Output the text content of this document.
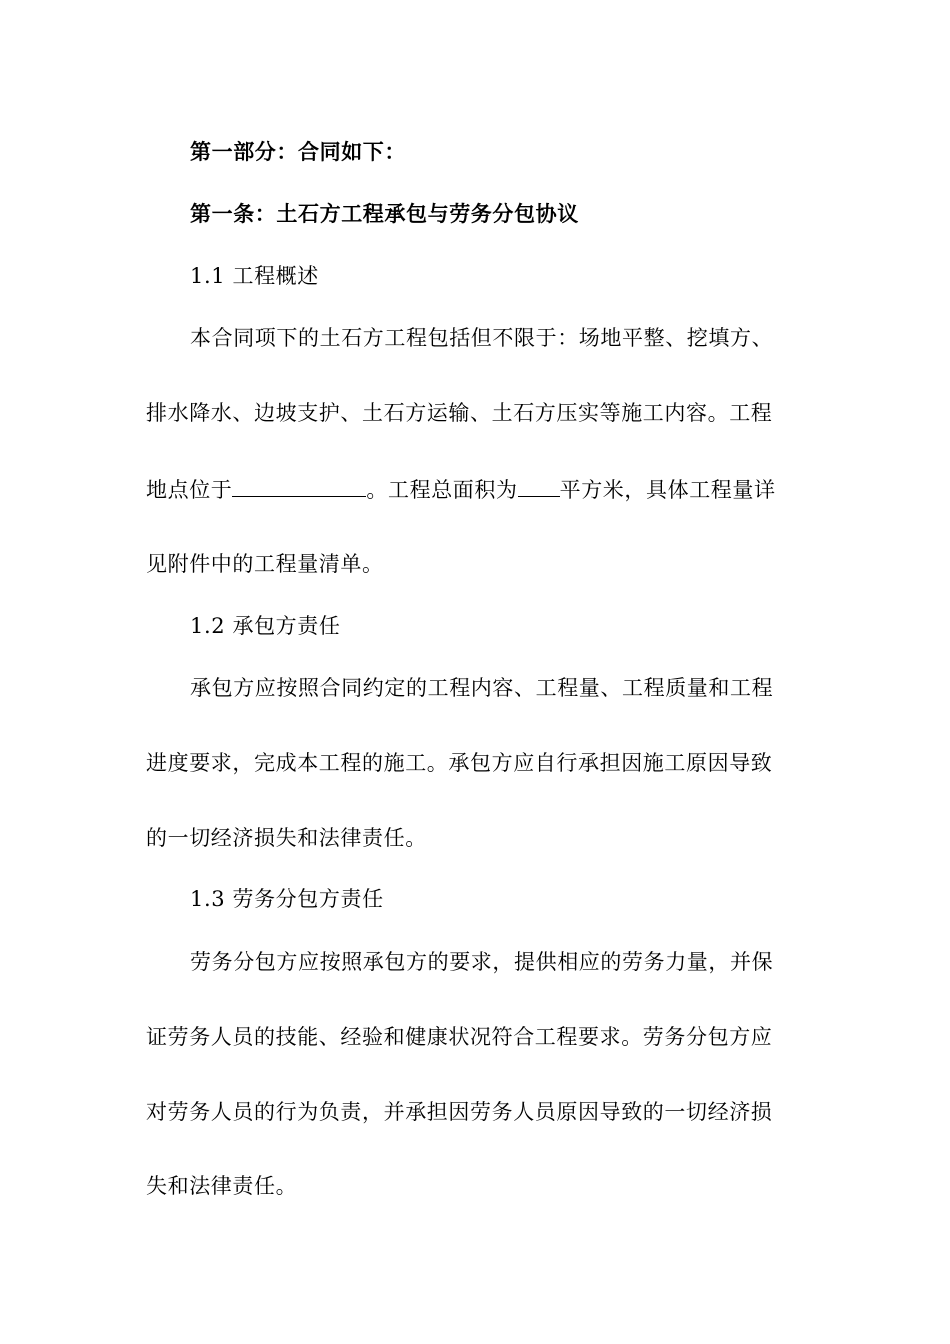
第一部分：合同如下：
第一条：土石方工程承包与劳务分包协议
1.1 工程概述
本合同项下的土石方工程包括但不限于：场地平整、挖填方、
排水降水、边坡支护、土石方运输、土石方压实等施工内容。工程
地点位于	。工程总面积为 平方米，具体工程量详
见附件中的工程量清单。
1.2 承包方责任
承包方应按照合同约定的工程内容、工程量、工程质量和工程
进度要求，完成本工程的施工。承包方应自行承担因施工原因导致
的一切经济损失和法律责任。
1.3 劳务分包方责任
劳务分包方应按照承包方的要求，提供相应的劳务力量，并保
证劳务人员的技能、经验和健康状况符合工程要求。劳务分包方应
对劳务人员的行为负责，并承担因劳务人员原因导致的一切经济损
失和法律责任。
